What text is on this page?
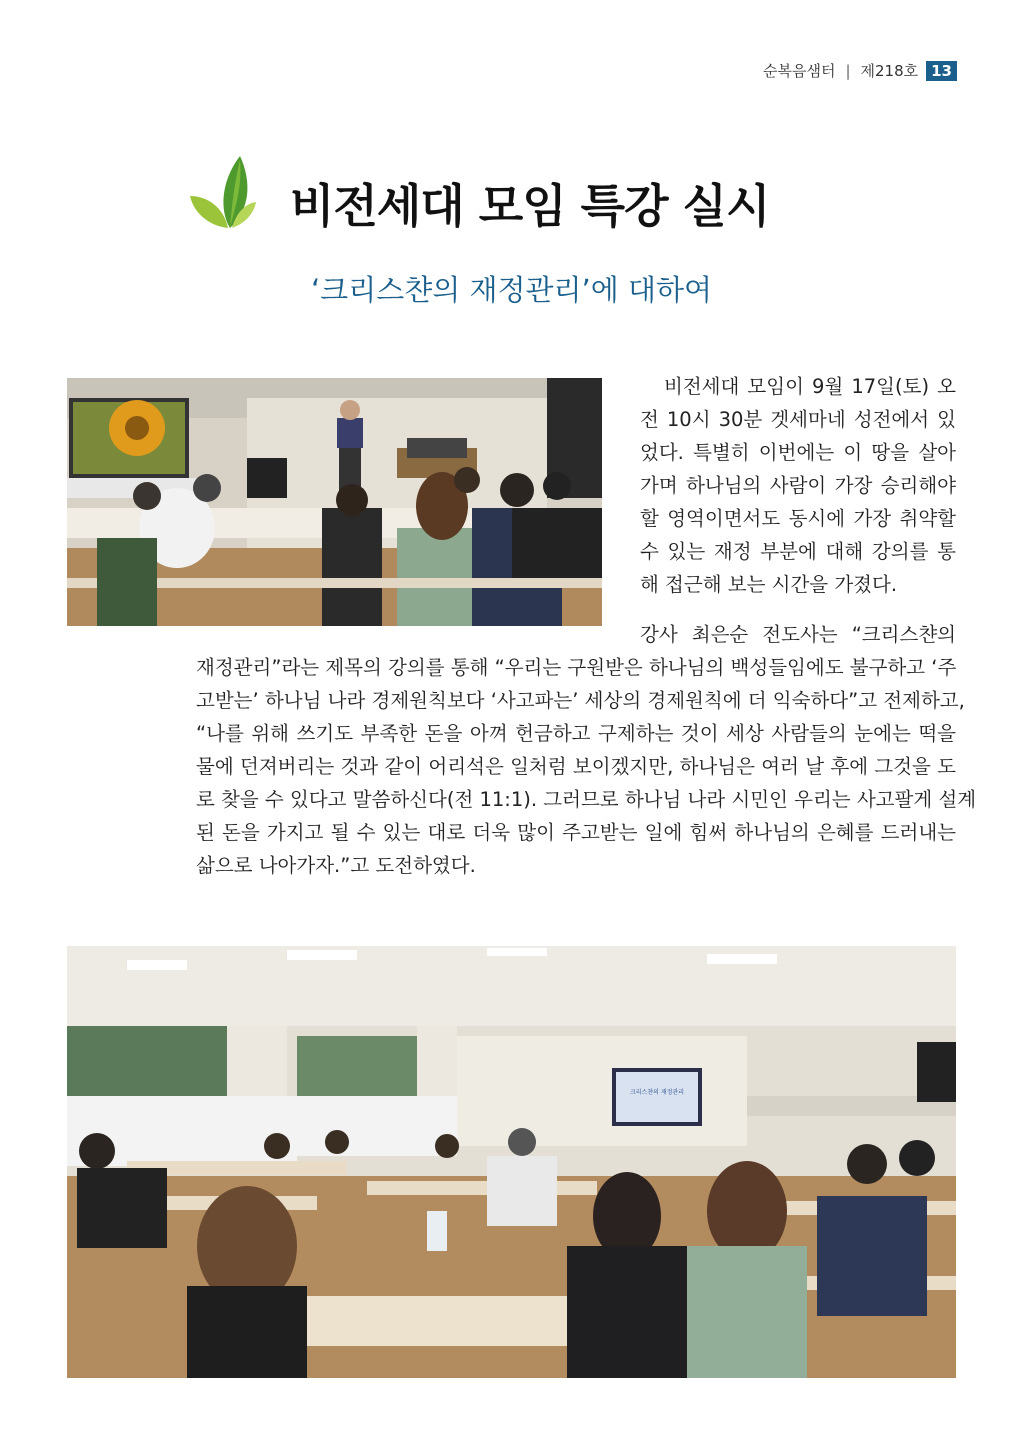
순복음샘터 | 제218호 13
비전세대 모임 특강 실시
‘크리스챤의 재정관리’에 대하여
비전세대 모임이 9월 17일(토) 오
전 10시 30분 겟세마네 성전에서 있
었다. 특별히 이번에는 이 땅을 살아
가며 하나님의 사람이 가장 승리해야
할 영역이면서도 동시에 가장 취약할
수 있는 재정 부분에 대해 강의를 통
해 접근해 보는 시간을 가졌다.
강사 최은순 전도사는 “크리스챤의
재정관리”라는 제목의 강의를 통해 “우리는 구원받은 하나님의 백성들임에도 불구하고 ‘주
고받는’ 하나님 나라 경제원칙보다 ‘사고파는’ 세상의 경제원칙에 더 익숙하다”고 전제하고,
“나를 위해 쓰기도 부족한 돈을 아껴 헌금하고 구제하는 것이 세상 사람들의 눈에는 떡을
물에 던져버리는 것과 같이 어리석은 일처럼 보이겠지만, 하나님은 여러 날 후에 그것을 도
로 찾을 수 있다고 말씀하신다(전 11:1). 그러므로 하나님 나라 시민인 우리는 사고팔게 설계
된 돈을 가지고 될 수 있는 대로 더욱 많이 주고받는 일에 힘써 하나님의 은혜를 드러내는
삶으로 나아가자.”고 도전하였다.
크리스챤의 재정관리
